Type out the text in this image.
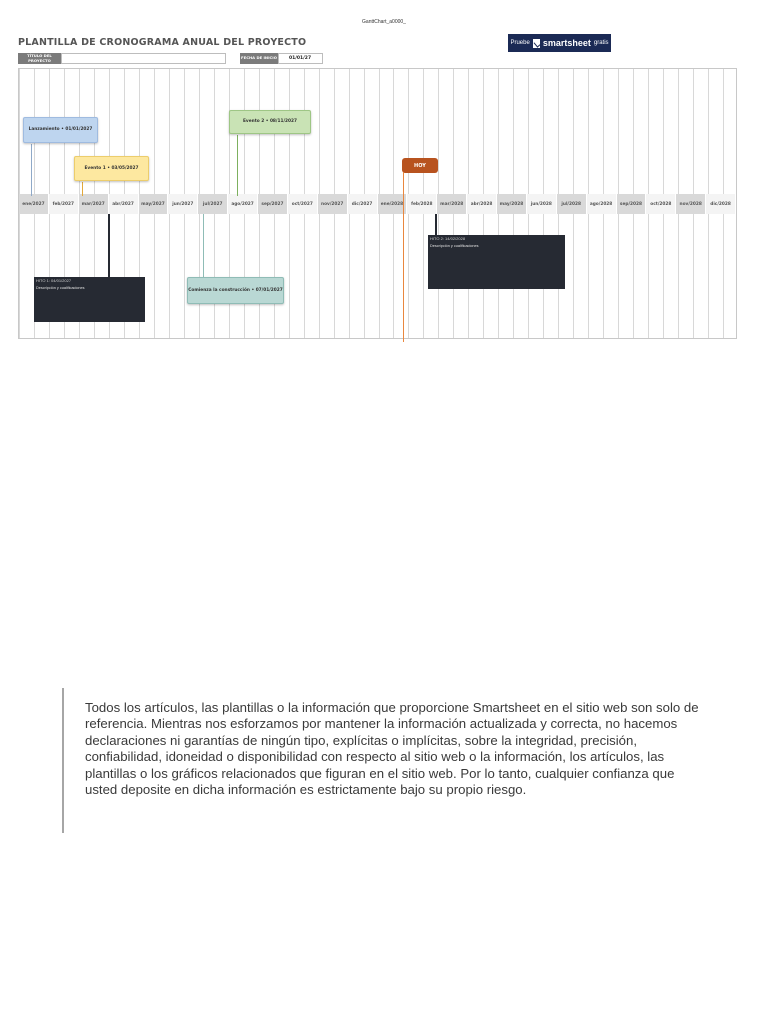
GanttChart_a0000_
PLANTILLA DE CRONOGRAMA ANUAL DEL PROYECTO	Pruebe smartsheet gratis
TÍTULO DEL PROYECTO	FECHA DE INICIO	01/01/27
ene/2027	feb/2027	mar/2027	abr/2027	may/2027	jun/2027	jul/2027	ago/2027	sep/2027	oct/2027	nov/2027	dic/2027	ene/2028	feb/2028	mar/2028	abr/2028	may/2028	jun/2028	jul/2028	ago/2028	sep/2028	oct/2028	nov/2028	dic/2028
Lanzamiento • 01/01/2027
Evento 1 • 03/05/2027
Evento 2 • 08/11/2027
Comienza la construcción • 07/01/2027
HOY
HITO 1: 04/01/2027
Descripción y cualificaciones
HITO 2: 14/02/2028
Descripción y cualificaciones
Todos los artículos, las plantillas o la información que proporcione Smartsheet en el sitio web son solo de referencia. Mientras nos esforzamos por mantener la información actualizada y correcta, no hacemos declaraciones ni garantías de ningún tipo, explícitas o implícitas, sobre la integridad, precisión, confiabilidad, idoneidad o disponibilidad con respecto al sitio web o la información, los artículos, las plantillas o los gráficos relacionados que figuran en el sitio web. Por lo tanto, cualquier confianza que usted deposite en dicha información es estrictamente bajo su propio riesgo.
